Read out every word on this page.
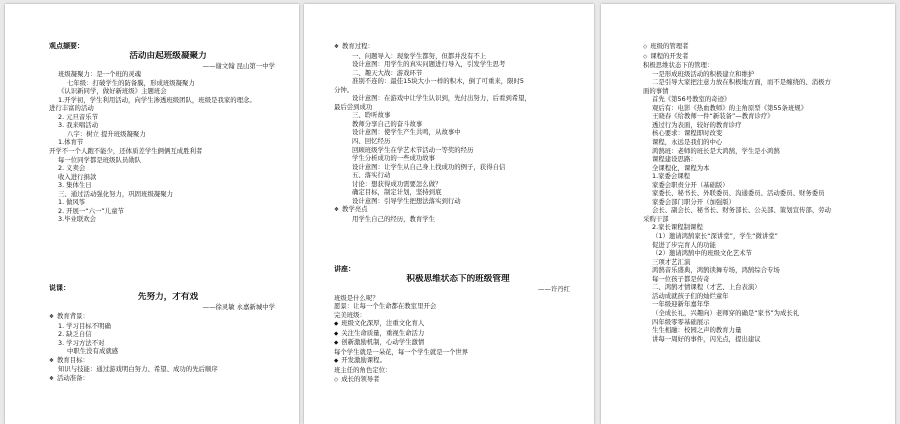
观点撷要：
活动由起班级凝聚力
——谢文翰 昆山第一中学
班级凝聚力：是一个班的灵魂
七年级：打破学生的防备膜，形成班级凝聚力
《认识新同学，做好新班级》主题班会
1.开学初，学生利用活动，向学生渗透班级团队，班级是我家的理念。
进行丰富的活动
2. 元旦音乐节
3. 我来唱活动
八字：树立 提升班级凝聚力
1.体育节
开学不一个人跑不能少，还体质差学生俩俩互成胜利者
每一位同学都是班级队员勋队
2. 义卖会
收入进行捐款
3. 集体生日
三、通过活动强化努力，巩固班级凝聚力
1. 做风筝
2. 开展一“六一”儿童节
3.毕业联欢会
说课：
先努力，才有戏
——徐灵敏 永嘉新城中学
❖ 教育背景：
1. 学习目标不明确
2. 缺乏自信
3. 学习方法不对
中职生没有成就感
❖ 教育目标：
知识与技能：通过游戏明白努力、希望、成功的先后顺序
❖ 活动准备：
❖ 教育过程：
一、问题导入：现象学生都努，但都并没有不上
设计意图：用学生的真实问题进行导入，引发学生思考
二、趣天大战：游戏环节
准别不连的：最佳15块大小一样的积木，倒了可重来，限时5
分钟。
设计意图：在游戏中让学生认识到，先付出努力，后看到希望，
最后尝到成功
三、聆听故事
教师分享自己的奋斗故事
设计意图：使学生产生共鸣，从故事中
四、回忆经历
回顾班级学生在学艺术节活动一等奖的经历
学生分析成功的一些成功故事
设计意图：让学生从自己身上找成功的例子，获得自信
五、落实行动
讨论：想获得成功需要怎么做？
确定目标，制定计划，坚持到底
设计意图：引导学生把想法落实到行动
❖ 教学亮点
用学生自己的经历，教育学生
讲座：
积极思维状态下的班级管理
——许丹红
班级是什么呢？
愿景：让每一个生命都在教室里开会
完美班级：
◆ 班级文化深厚，注重文化育人
◆ 关注生命质量，重视生命活力
◆ 创新激励机制，心动学生激情
每个学生就是一朵花，每一个学生就是一个世界
◆ 开发激励课程。
班主任的角色定位：
◇ 成长的领导者
◇ 班级的管理者
◇ 课程的开发者
积极思维状态下的管理：
一是形成班级活动的积极建立和维护
二是引导大家把注意力放在积极地方面，而不是缠绕的、消极方
面的事情
首先《第56号教室的奇迹》
观后有：电影《热血教师》的主角原型《第55条班规》
王晓春《给教师一件“新装备”—教育诊疗》
透过行为表面，较好的教育诊疗
核心要求：课程即时改变
课程，永远是我们的中心
鸿鹄班：老师的班长是大鸿鹄，学生是小鸿鹄
课程建设思路：
全课程化，课程为本
1.家委会课程
家委会职责分开（基础版）
家委长、秘书长、外联委员、沟通委员、活动委员、财务委员
家委会部门职分开（加强版）
会长、副会长、秘书长、财务部长、公关部、策划宣传部、劳动
采购干部
2.家长课程制课程
（1）邀请鸿鹄家长“深讲堂”，学生“微讲堂”
促进了步完育人的功能
（2）邀请鸿鹄中的班级文化艺术节
三项才艺汇演
鸿鹄音乐盛典，鸿鹄读舞专场，鸿鹄综合专场
每一位孩子都是传奇
二、鸿鹄才情课程（才艺、上台表演）
活动成就孩子们的灿烂童年
一年级迎新年嘉年华
（全成长礼，兴趣向）老师穿的确是“家书”为成长礼
四年级零零基础展示
生生相融：校园之声的教育力量
讲每一周好的事件，闪光点，提出建议
